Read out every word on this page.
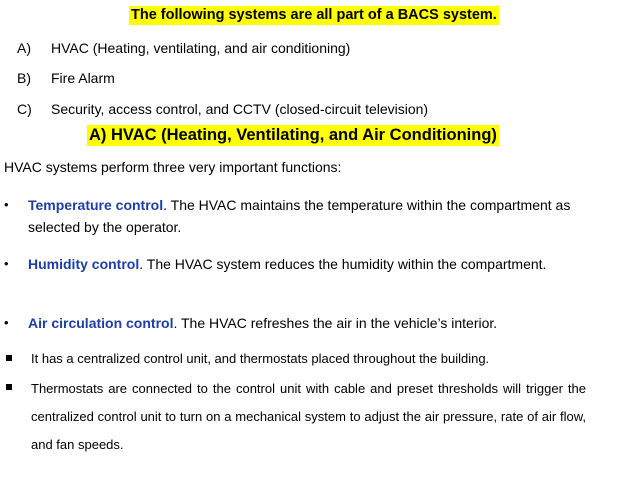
The following systems are all part of a BACS system.
A) HVAC (Heating, ventilating, and air conditioning)
B) Fire Alarm
C) Security, access control, and CCTV (closed-circuit television)
A) HVAC (Heating, Ventilating, and Air Conditioning)
HVAC systems perform three very important functions:
• Temperature control. The HVAC maintains the temperature within the compartment as selected by the operator.
• Humidity control. The HVAC system reduces the humidity within the compartment.
• Air circulation control. The HVAC refreshes the air in the vehicle’s interior.
It has a centralized control unit, and thermostats placed throughout the building.
Thermostats are connected to the control unit with cable and preset thresholds will trigger the centralized control unit to turn on a mechanical system to adjust the air pressure, rate of air flow, and fan speeds.
